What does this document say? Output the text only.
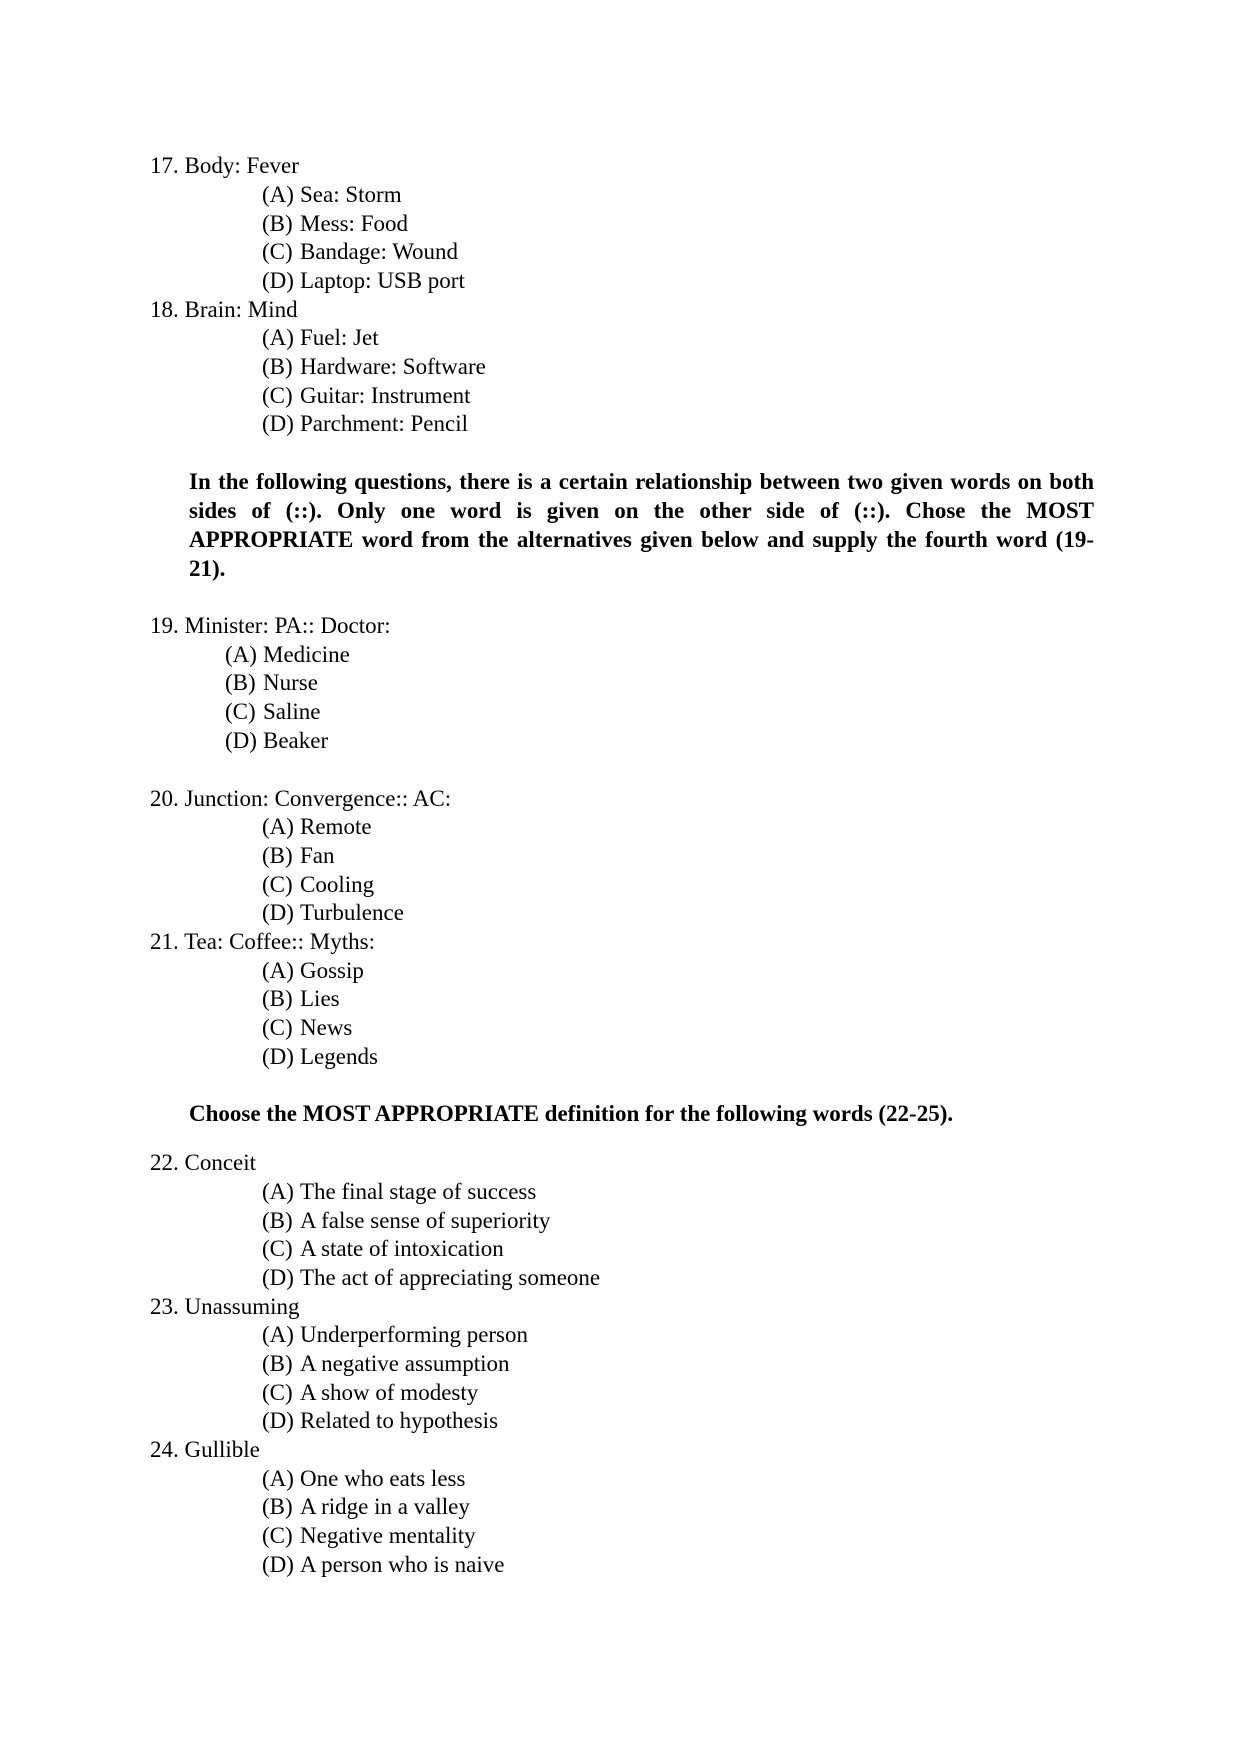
17. Body: Fever
(A) Sea: Storm
(B) Mess: Food
(C) Bandage: Wound
(D) Laptop: USB port
18. Brain: Mind
(A) Fuel: Jet
(B) Hardware: Software
(C) Guitar: Instrument
(D) Parchment: Pencil
In the following questions, there is a certain relationship between two given words on both sides of (::). Only one word is given on the other side of (::). Chose the MOST APPROPRIATE word from the alternatives given below and supply the fourth word (19-21).
19. Minister: PA:: Doctor:
(A) Medicine
(B) Nurse
(C) Saline
(D) Beaker
20. Junction: Convergence:: AC:
(A) Remote
(B) Fan
(C) Cooling
(D) Turbulence
21. Tea: Coffee:: Myths:
(A) Gossip
(B) Lies
(C) News
(D) Legends
Choose the MOST APPROPRIATE definition for the following words (22-25).
22. Conceit
(A) The final stage of success
(B) A false sense of superiority
(C) A state of intoxication
(D) The act of appreciating someone
23. Unassuming
(A) Underperforming person
(B) A negative assumption
(C) A show of modesty
(D) Related to hypothesis
24. Gullible
(A) One who eats less
(B) A ridge in a valley
(C) Negative mentality
(D) A person who is naive
